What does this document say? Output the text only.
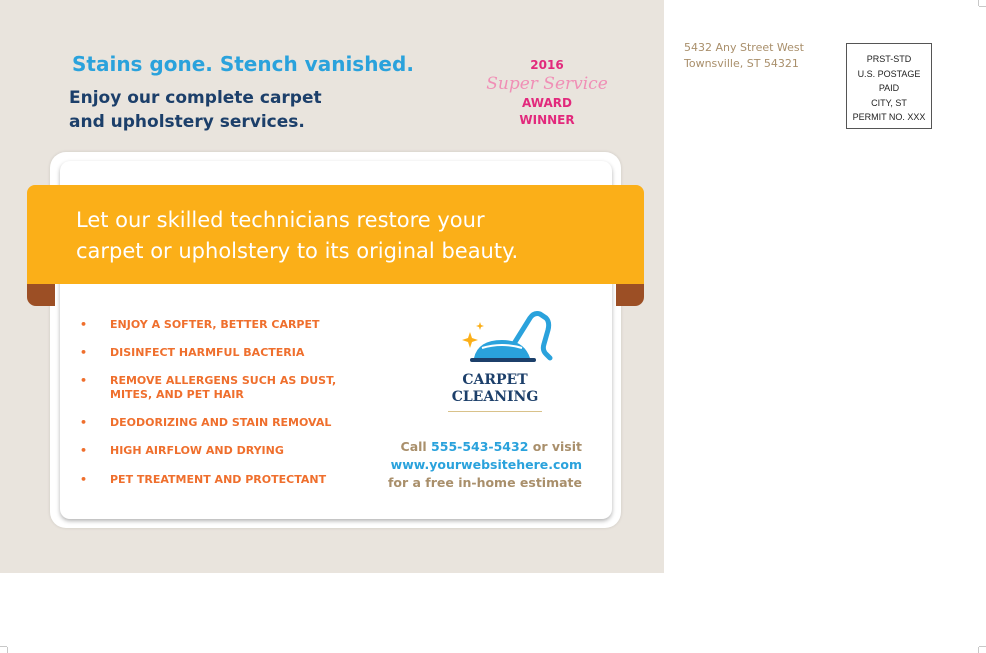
Stains gone. Stench vanished.

Enjoy our complete carpet
and upholstery services.

2016
Super Service
AWARD
WINNER

Let our skilled technicians restore your
carpet or upholstery to its original beauty.

• ENJOY A SOFTER, BETTER CARPET
• DISINFECT HARMFUL BACTERIA
• REMOVE ALLERGENS SUCH AS DUST,
MITES, AND PET HAIR
• DEODORIZING AND STAIN REMOVAL
• HIGH AIRFLOW AND DRYING
• PET TREATMENT AND PROTECTANT
CARPET
CLEANING
Call 555-543-5432 or visit
www.yourwebsitehere.com
for a free in-home estimate
5432 Any Street West
Townsville, ST 54321	PRST-STD
U.S. POSTAGE
PAID
CITY, ST
PERMIT NO. XXX
